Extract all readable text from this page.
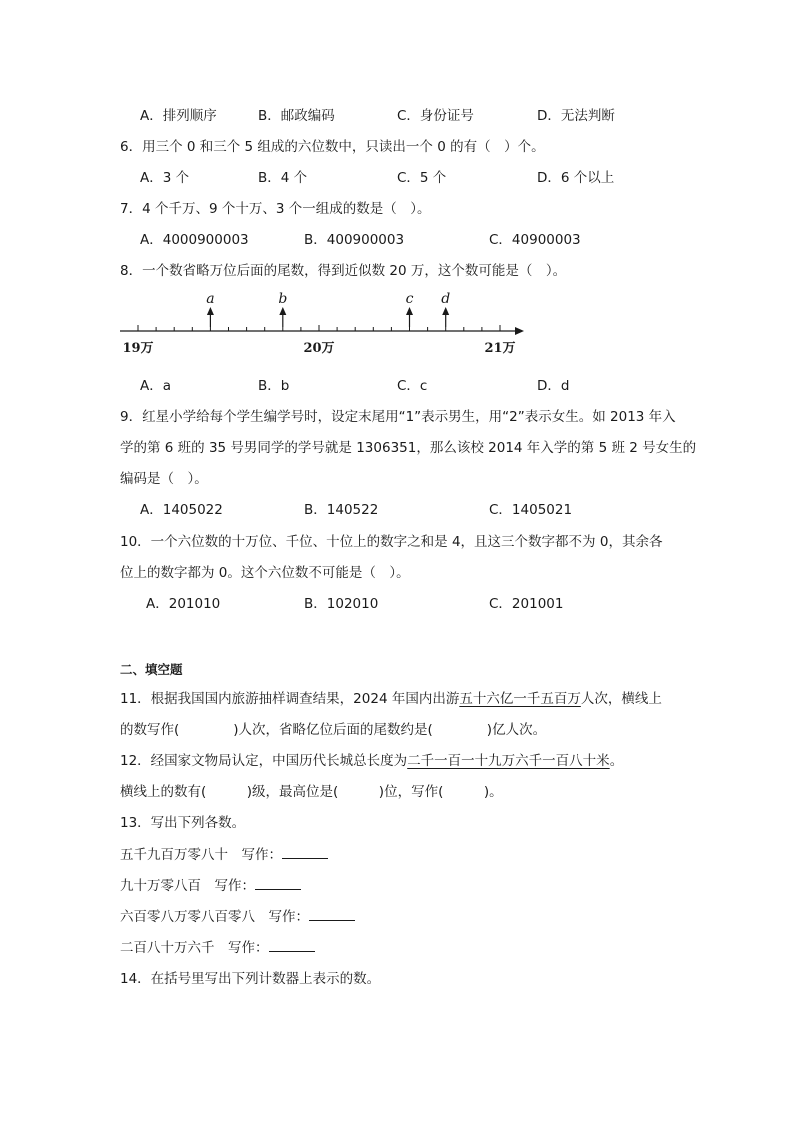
A．排列顺序	B．邮政编码	C．身份证号	D．无法判断
6．用三个 0 和三个 5 组成的六位数中，只读出一个 0 的有（　）个。
A．3 个	B．4 个	C．5 个	D．6 个以上
7．4 个千万、9 个十万、3 个一组成的数是（　）。
A．4000900003	B．400900003	C．40900003
8．一个数省略万位后面的尾数，得到近似数 20 万，这个数可能是（　）。
19万	20万	21万
a	b	c d
A．a	B．b	C．c	D．d
9．红星小学给每个学生编学号时，设定末尾用“1”表示男生，用“2”表示女生。如 2013 年入
学的第 6 班的 35 号男同学的学号就是 1306351，那么该校 2014 年入学的第 5 班 2 号女生的
编码是（　）。
A．1405022	B．140522	C．1405021
10．一个六位数的十万位、千位、十位上的数字之和是 4，且这三个数字都不为 0，其余各
位上的数字都为 0。这个六位数不可能是（　）。
A．201010	B．102010	C．201001
二、填空题
11．根据我国国内旅游抽样调查结果，2024 年国内出游五十六亿一千五百万人次，横线上
的数写作(　　　　)人次，省略亿位后面的尾数约是(　　　　)亿人次。
12．经国家文物局认定，中国历代长城总长度为二千一百一十九万六千一百八十米。
横线上的数有(　　　)级，最高位是(　　　)位，写作(　　　)。
13．写出下列各数。
五千九百万零八十　写作：
九十万零八百　写作：
六百零八万零八百零八　写作：
二百八十万六千　写作：
14．在括号里写出下列计数器上表示的数。
